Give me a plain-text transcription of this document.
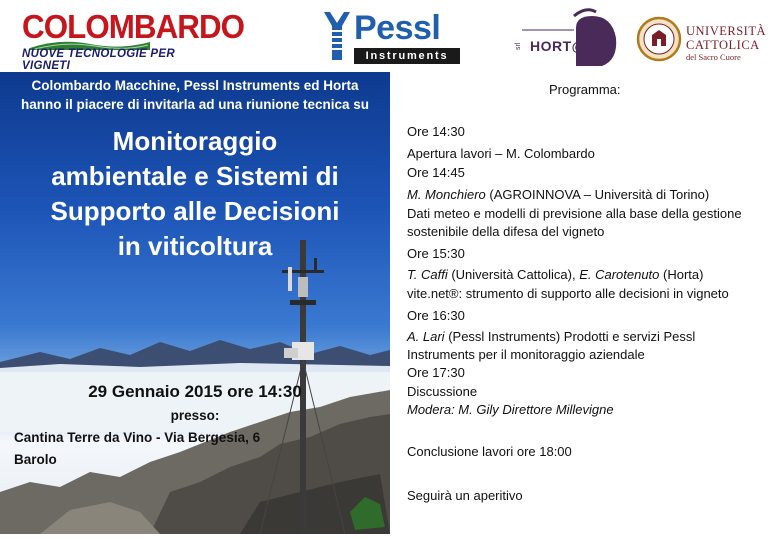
COLOMBARDO
NUOVE TECNOLOGIE PER VIGNETI
Pessl
Instruments
srl HORT@
UNIVERSITÀ
CATTOLICA
del Sacro Cuore
Colombardo Macchine, Pessl Instruments ed Horta
hanno il piacere di invitarla ad una riunione tecnica su
Monitoraggio
ambientale e Sistemi di
Supporto alle Decisioni
in viticoltura
29 Gennaio 2015 ore 14:30
presso:
Cantina Terre da Vino - Via Bergesia, 6
Barolo
Programma:
Ore 14:30
Apertura lavori – M. Colombardo
Ore 14:45
M. Monchiero (AGROINNOVA – Università di Torino)
Dati meteo e modelli di previsione alla base della gestione
sostenibile della difesa del vigneto
Ore 15:30
T. Caffi (Università Cattolica), E. Carotenuto (Horta)
vite.net®: strumento di supporto alle decisioni in vigneto
Ore 16:30
A. Lari (Pessl Instruments) Prodotti e servizi Pessl
Instruments per il monitoraggio aziendale
Ore 17:30
Discussione
Modera: M. Gily Direttore Millevigne
Conclusione lavori ore 18:00
Seguirà un aperitivo
